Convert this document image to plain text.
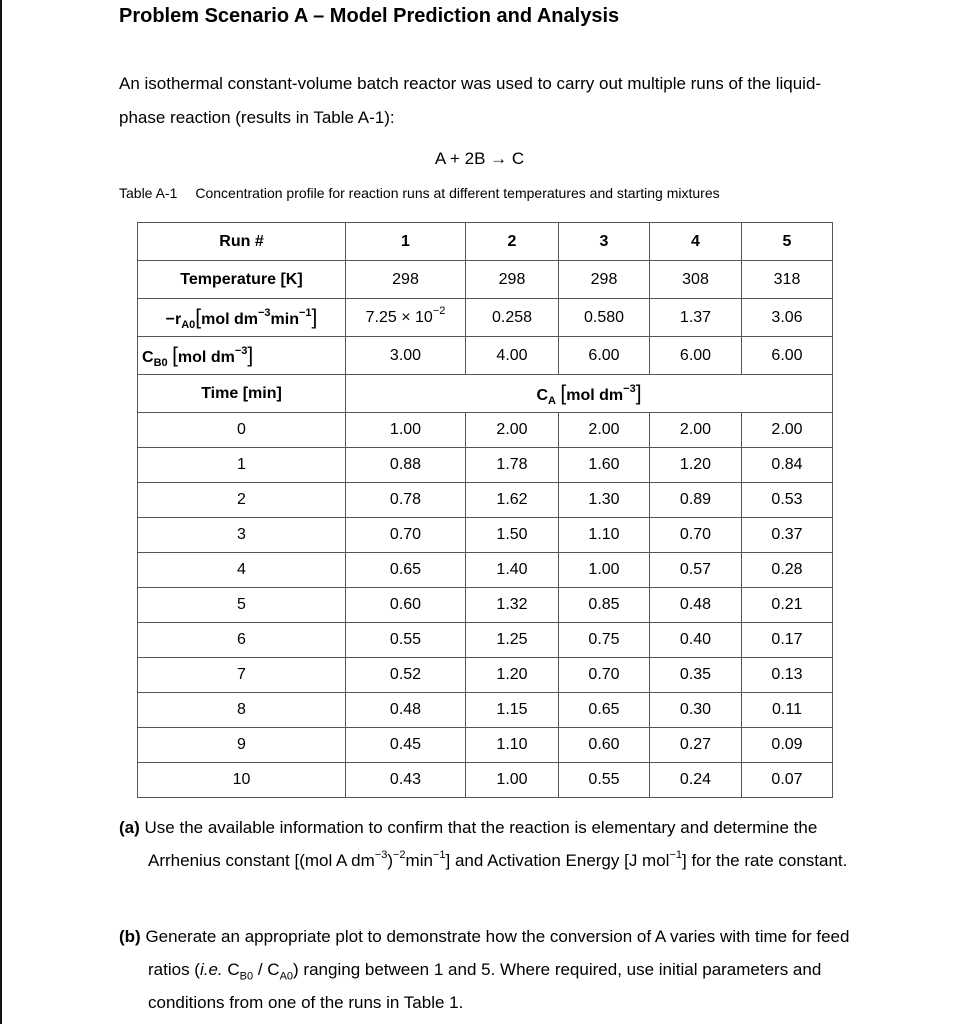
Problem Scenario A – Model Prediction and Analysis

An isothermal constant-volume batch reactor was used to carry out multiple runs of the liquid-phase reaction (results in Table A-1):

A + 2B → C
Table A-1 Concentration profile for reaction runs at different temperatures and starting mixtures
Run #	1	2	3	4	5
Temperature [K]	298	298	298	308	318
$-r_{A0}[mol$ $dm^{-3}\min^{-1}$]	$7.25 \times 10^{-2}$	0.258	0.580	1.37	3.06
$C_{B0}$ [mol $dm^{-3}$]	3.00	4.00	6.00	6.00	6.00
Time [min]	$C_A$ [mol $dm^{-3}$]				
0	1.00	2.00	2.00	2.00	2.00
1	0.88	1.78	1.60	1.20	0.84
2	0.78	1.62	1.30	0.89	0.53
3	0.70	1.50	1.10	0.70	0.37
4	0.65	1.40	1.00	0.57	0.28
5	0.60	1.32	0.85	0.48	0.21
6	0.55	1.25	0.75	0.40	0.17
7	0.52	1.20	0.70	0.35	0.13
8	0.48	1.15	0.65	0.30	0.11
9	0.45	1.10	0.60	0.27	0.09
10	0.43	1.00	0.55	0.24	0.07

(a) Use the available information to confirm that the reaction is elementary and determine the Arrhenius constant [(mol A $dm^{-3})^{-2}\min^{-1}$] and Activation Energy [J mol$^{-1}$] for the rate constant.

(b) Generate an appropriate plot to demonstrate how the conversion of A varies with time for feed ratios (i.e. $C_{B0} / C_{A0}$) ranging between 1 and 5. Where required, use initial parameters and conditions from one of the runs in Table 1.
